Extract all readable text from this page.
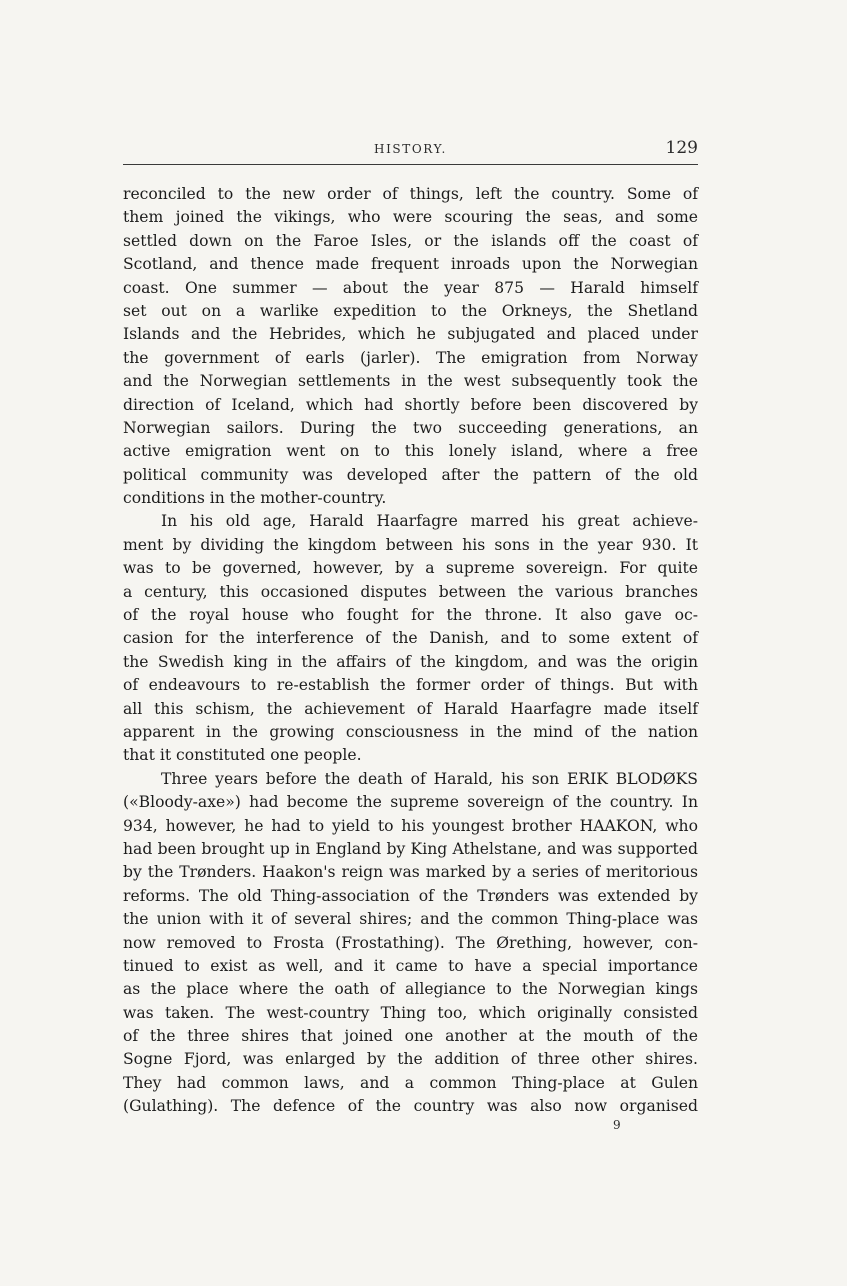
HISTORY.	129
reconciled to the new order of things, left the country. Some of
them joined the vikings, who were scouring the seas, and some
settled down on the Faroe Isles, or the islands off the coast of
Scotland, and thence made frequent inroads upon the Norwegian
coast. One summer — about the year 875 — Harald himself
set out on a warlike expedition to the Orkneys, the Shetland
Islands and the Hebrides, which he subjugated and placed under
the government of earls (jarler). The emigration from Norway
and the Norwegian settlements in the west subsequently took the
direction of Iceland, which had shortly before been discovered by
Norwegian sailors. During the two succeeding generations, an
active emigration went on to this lonely island, where a free
political community was developed after the pattern of the old
conditions in the mother-country.
In his old age, Harald Haarfagre marred his great achieve-
ment by dividing the kingdom between his sons in the year 930. It
was to be governed, however, by a supreme sovereign. For quite
a century, this occasioned disputes between the various branches
of the royal house who fought for the throne. It also gave oc-
casion for the interference of the Danish, and to some extent of
the Swedish king in the affairs of the kingdom, and was the origin
of endeavours to re-establish the former order of things. But with
all this schism, the achievement of Harald Haarfagre made itself
apparent in the growing consciousness in the mind of the nation
that it constituted one people.
Three years before the death of Harald, his son ERIK BLODØKS
(«Bloody-axe») had become the supreme sovereign of the country. In
934, however, he had to yield to his youngest brother HAAKON, who
had been brought up in England by King Athelstane, and was supported
by the Trønders. Haakon's reign was marked by a series of meritorious
reforms. The old Thing-association of the Trønders was extended by
the union with it of several shires; and the common Thing-place was
now removed to Frosta (Frostathing). The Ørething, however, con-
tinued to exist as well, and it came to have a special importance
as the place where the oath of allegiance to the Norwegian kings
was taken. The west-country Thing too, which originally consisted
of the three shires that joined one another at the mouth of the
Sogne Fjord, was enlarged by the addition of three other shires.
They had common laws, and a common Thing-place at Gulen
(Gulathing). The defence of the country was also now organised
9
